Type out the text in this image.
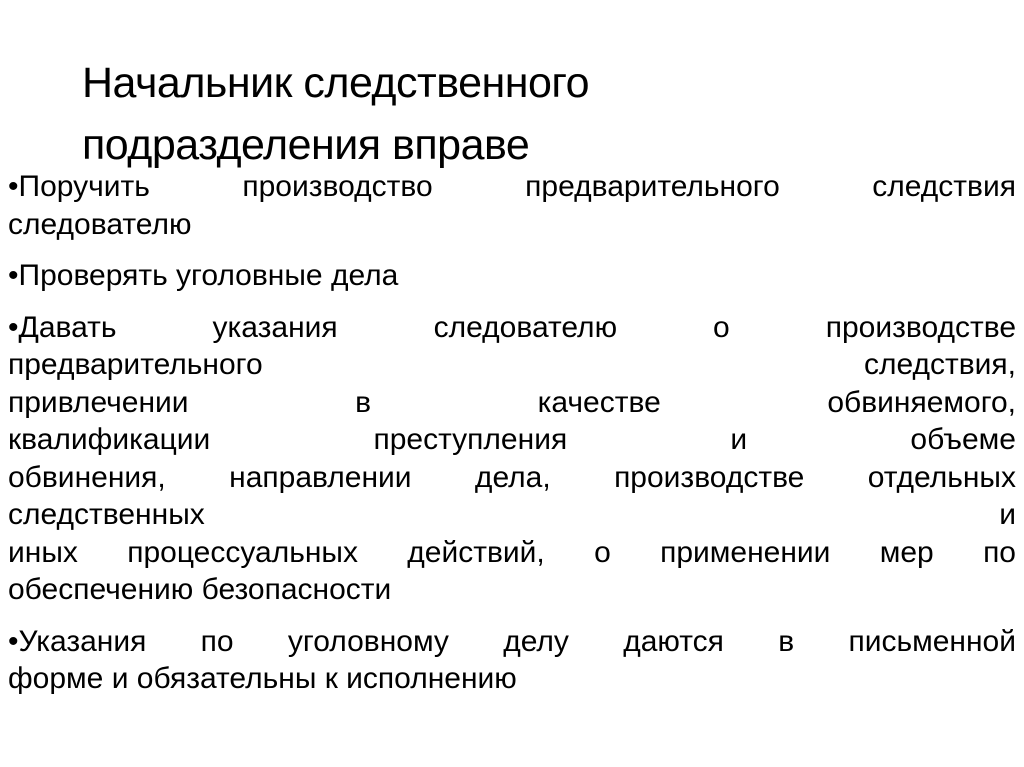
Начальник следственного
подразделения вправе
•Поручить производство предварительного следствия
следователю
•Проверять уголовные дела
•Давать указания следователю о производстве
предварительного следствия,
привлечении в качестве обвиняемого,
квалификации преступления и объеме
обвинения, направлении дела, производстве отдельных
следственных и
иных процессуальных действий, о применении мер по
обеспечению безопасности
•Указания по уголовному делу даются в письменной
форме и обязательны к исполнению
